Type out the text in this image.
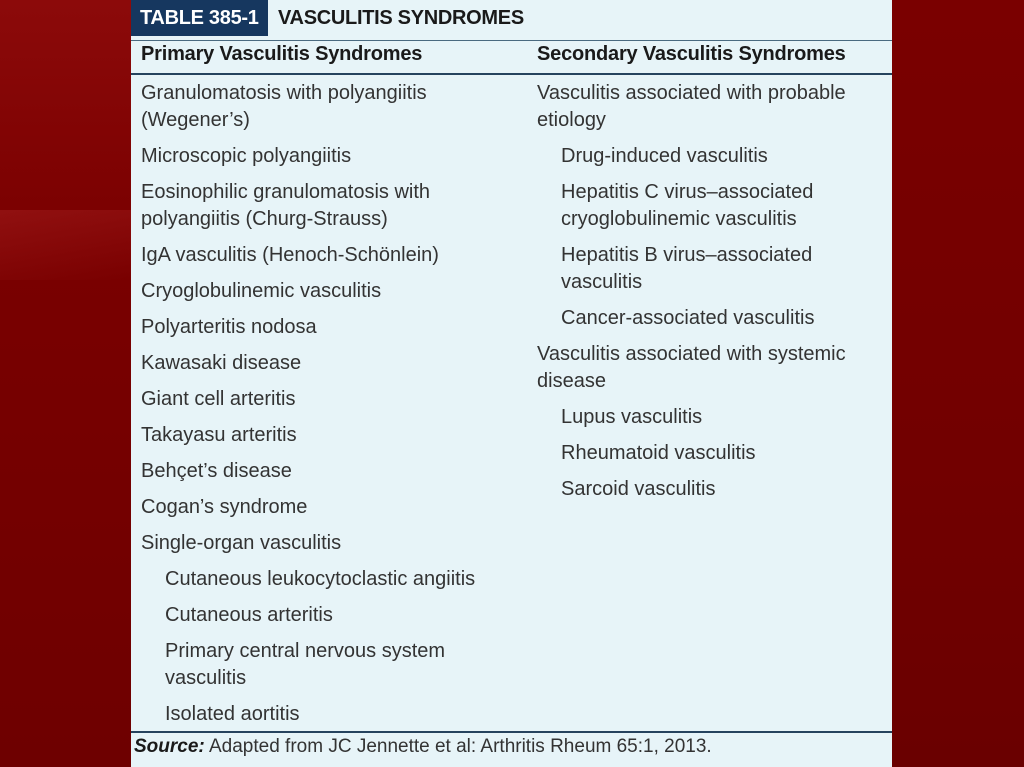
TABLE 385-1 VASCULITIS SYNDROMES
Primary Vasculitis Syndromes	Secondary Vasculitis Syndromes
Granulomatosis with polyangiitis (Wegener’s)
Microscopic polyangiitis
Eosinophilic granulomatosis with polyangiitis (Churg-Strauss)
IgA vasculitis (Henoch-Schönlein)
Cryoglobulinemic vasculitis
Polyarteritis nodosa
Kawasaki disease
Giant cell arteritis
Takayasu arteritis
Behçet’s disease
Cogan’s syndrome
Single-organ vasculitis
Cutaneous leukocytoclastic angiitis
Cutaneous arteritis
Primary central nervous system vasculitis
Isolated aortitis
Vasculitis associated with probable etiology
Drug-induced vasculitis
Hepatitis C virus–associated cryoglobulinemic vasculitis
Hepatitis B virus–associated vasculitis
Cancer-associated vasculitis
Vasculitis associated with systemic disease
Lupus vasculitis
Rheumatoid vasculitis
Sarcoid vasculitis
Source: Adapted from JC Jennette et al: Arthritis Rheum 65:1, 2013.
